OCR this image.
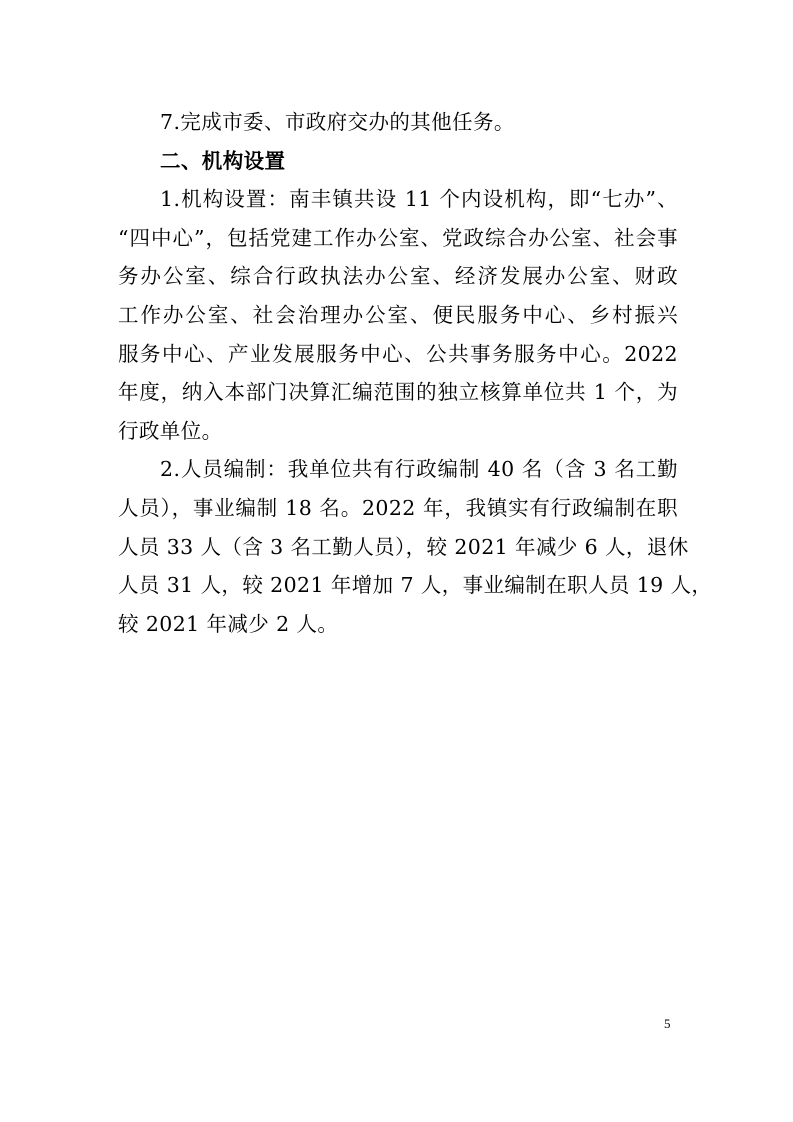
7.完成市委、市政府交办的其他任务。
二、机构设置
1.机构设置：南丰镇共设 11 个内设机构，即“七办”、
“四中心”，包括党建工作办公室、党政综合办公室、社会事
务办公室、综合行政执法办公室、经济发展办公室、财政
工作办公室、社会治理办公室、便民服务中心、乡村振兴
服务中心、产业发展服务中心、公共事务服务中心。2022
年度，纳入本部门决算汇编范围的独立核算单位共 1 个，为
行政单位。
2.人员编制：我单位共有行政编制 40 名（含 3 名工勤
人员），事业编制 18 名。2022 年，我镇实有行政编制在职
人员 33 人（含 3 名工勤人员），较 2021 年减少 6 人，退休
人员 31 人，较 2021 年增加 7 人，事业编制在职人员 19 人，
较 2021 年减少 2 人。
5
